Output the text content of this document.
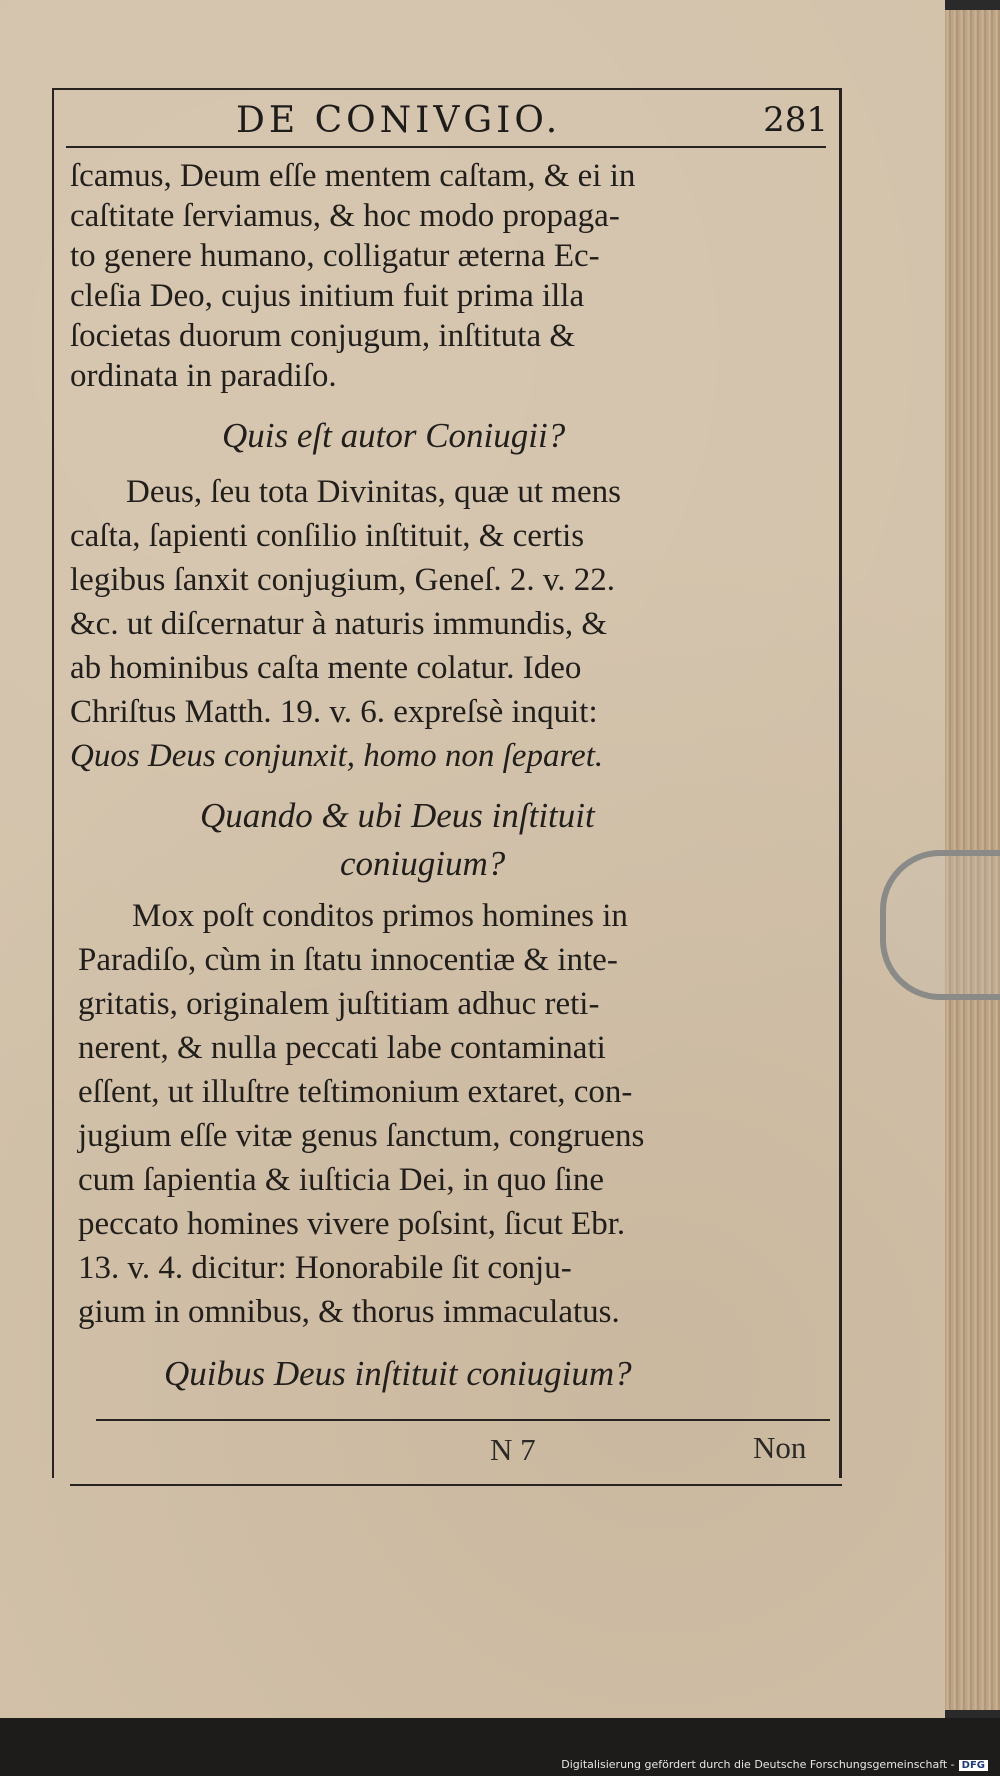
DE CONIVGIO.	281
ſcamus, Deum eſſe mentem caſtam, & ei in
caſtitate ſerviamus, & hoc modo propaga-
to genere humano, colligatur æterna Ec-
cleſia Deo, cujus initium fuit prima illa
ſocietas duorum conjugum, inſtituta &
ordinata in paradiſo.
Quis eſt autor Coniugii?
Deus, ſeu tota Divinitas, quæ ut mens
caſta, ſapienti conſilio inſtituit, & certis
legibus ſanxit conjugium, Geneſ. 2. v. 22.
&c. ut diſcernatur à naturis immundis, &
ab hominibus caſta mente colatur. Ideo
Chriſtus Matth. 19. v. 6. expreſsè inquit:
Quos Deus conjunxit, homo non ſeparet.
Quando & ubi Deus inſtituit
coniugium?
Mox poſt conditos primos homines in
Paradiſo, cùm in ſtatu innocentiæ & inte-
gritatis, originalem juſtitiam adhuc reti-
nerent, & nulla peccati labe contaminati
eſſent, ut illuſtre teſtimonium extaret, con-
jugium eſſe vitæ genus ſanctum, congruens
cum ſapientia & iuſticia Dei, in quo ſine
peccato homines vivere poſsint, ſicut Ebr.
13. v. 4. dicitur: Honorabile ſit conju-
gium in omnibus, & thorus immaculatus.
Quibus Deus inſtituit coniugium?
N 7	Non
Digitalisierung gefördert durch die Deutsche Forschungsgemeinschaft - DFG
